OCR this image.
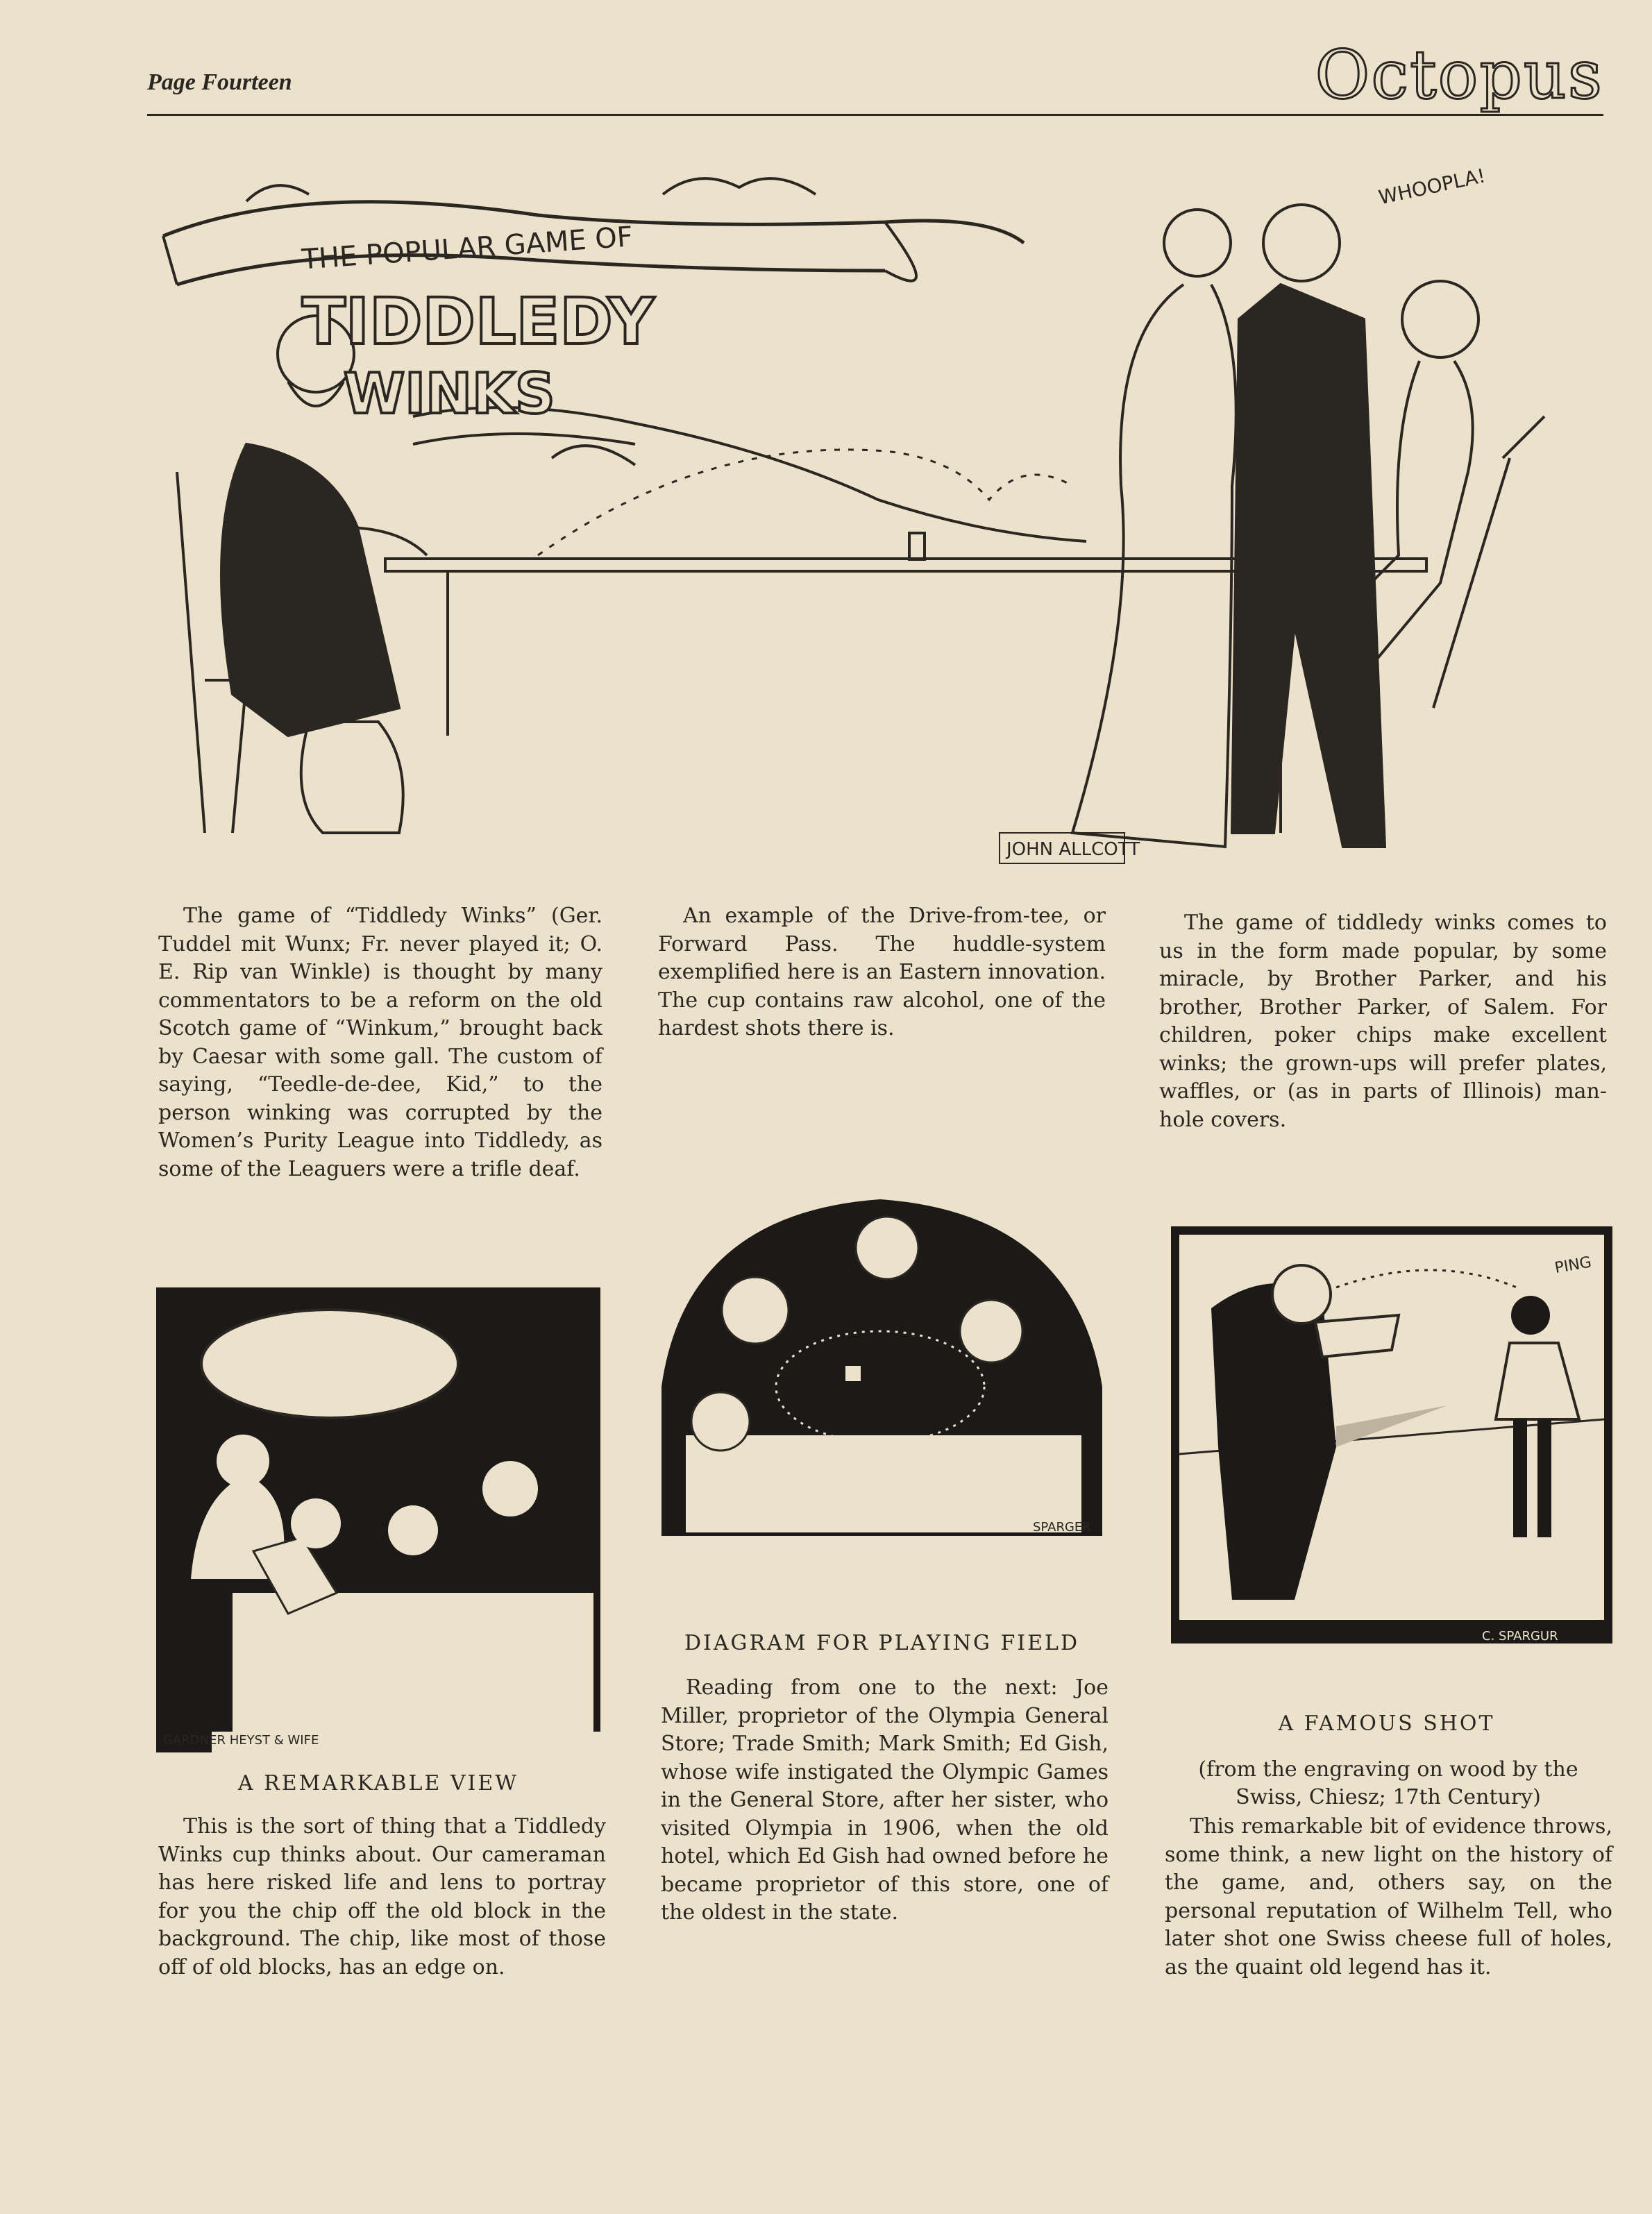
Page Fourteen	Octopus
THE POPULAR GAME OF
TIDDLEDY
WINKS
WHOOPLA!
JOHN ALLCOTT

The game of “Tiddledy Winks” (Ger. Tuddel mit Wunx; Fr. never played it; O. E. Rip van Winkle) is thought by many commentators to be a reform on the old Scotch game of “Winkum,” brought back by Caesar with some gall. The custom of saying, “Teedle-de-dee, Kid,” to the person winking was corrupted by the Women’s Purity League into Tiddledy, as some of the Leaguers were a trifle deaf.

An example of the Drive-from-tee, or Forward Pass. The huddle-system exemplified here is an Eastern innovation. The cup contains raw alcohol, one of the hardest shots there is.

The game of tiddledy winks comes to us in the form made popular, by some miracle, by Brother Parker, and his brother, Brother Parker, of Salem. For children, poker chips make excellent winks; the grown-ups will prefer plates, waffles, or (as in parts of Illinois) man-hole covers.

GARDNER HEYST & WIFE
A REMARKABLE VIEW

This is the sort of thing that a Tiddledy Winks cup thinks about. Our cameraman has here risked life and lens to portray for you the chip off the old block in the background. The chip, like most of those off of old blocks, has an edge on.

SPARGER
DIAGRAM FOR PLAYING FIELD

Reading from one to the next: Joe Miller, proprietor of the Olympia General Store; Trade Smith; Mark Smith; Ed Gish, whose wife instigated the Olympic Games in the General Store, after her sister, who visited Olympia in 1906, when the old hotel, which Ed Gish had owned before he became proprietor of this store, one of the oldest in the state.

PING
C. SPARGUR
A FAMOUS SHOT
(from the engraving on wood by the Swiss, Chiesz; 17th Century)

This remarkable bit of evidence throws, some think, a new light on the history of the game, and, others say, on the personal reputation of Wilhelm Tell, who later shot one Swiss cheese full of holes, as the quaint old legend has it.
